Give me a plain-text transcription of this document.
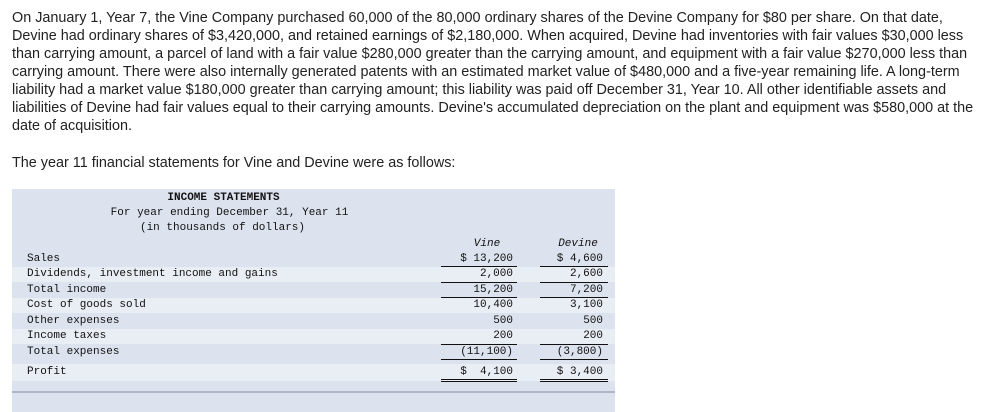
On January 1, Year 7, the Vine Company purchased 60,000 of the 80,000 ordinary shares of the Devine Company for $80 per share. On that date, Devine had ordinary shares of $3,420,000, and retained earnings of $2,180,000. When acquired, Devine had inventories with fair values $30,000 less than carrying amount, a parcel of land with a fair value $280,000 greater than the carrying amount, and equipment with a fair value $270,000 less than carrying amount. There were also internally generated patents with an estimated market value of $480,000 and a five-year remaining life. A long-term liability had a market value $180,000 greater than carrying amount; this liability was paid off December 31, Year 10. All other identifiable assets and liabilities of Devine had fair values equal to their carrying amounts. Devine's accumulated depreciation on the plant and equipment was $580,000 at the date of acquisition.

The year 11 financial statements for Vine and Devine were as follows:

INCOME STATEMENTS
For year ending December 31, Year 11
(in thousands of dollars)
Vine	Devine
Sales	$ 13,200	$ 4,600
Dividends, investment income and gains	2,000	2,600
Total income	15,200	7,200
Cost of goods sold	10,400	3,100
Other expenses	500	500
Income taxes	200	200
Total expenses	(11,100)	(3,800)
Profit	$  4,100	$ 3,400
